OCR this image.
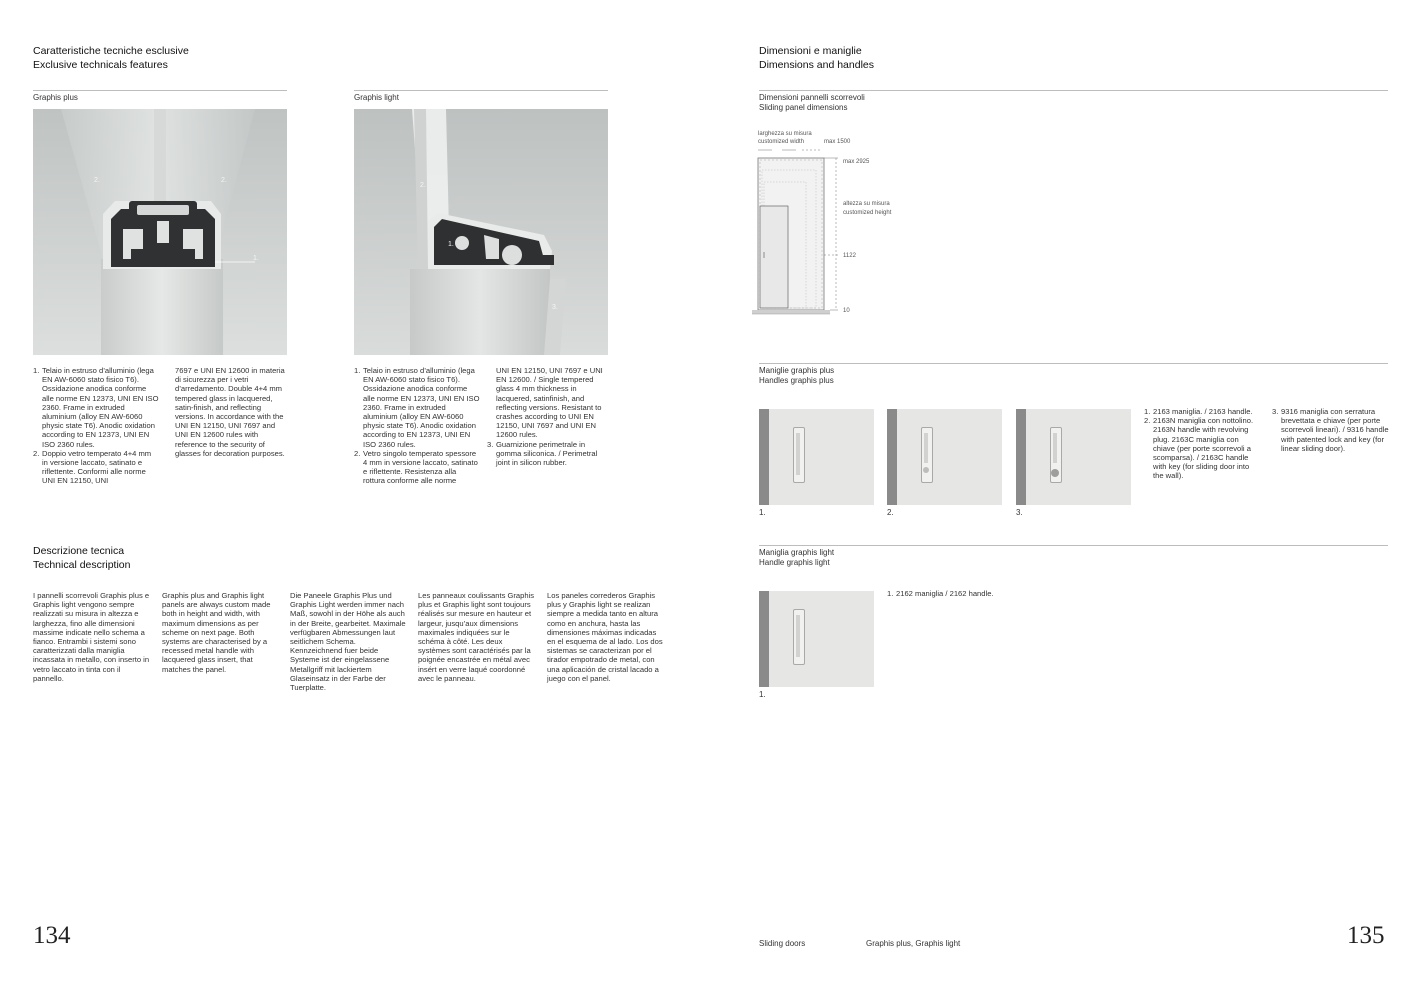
Caratteristiche tecniche esclusive
Exclusive technicals features
Graphis plus	Graphis light
2.	2.
1.
2.
1.
3.
1. Telaio in estruso d’alluminio (lega EN AW-6060 stato fisico T6). Ossidazione anodica conforme alle norme EN 12373, UNI EN ISO 2360. Frame in extruded aluminium (alloy EN AW-6060 physic state T6). Anodic oxidation according to EN 12373, UNI EN ISO 2360 rules.
2. Doppio vetro temperato 4+4 mm in versione laccato, satinato e riflettente. Conformi alle norme UNI EN 12150, UNI
7697 e UNI EN 12600 in materia di sicurezza per i vetri d’arredamento. Double 4+4 mm tempered glass in lacquered, satin-finish, and reflecting versions. In accordance with the UNI EN 12150, UNI 7697 and UNI EN 12600 rules with reference to the security of glasses for decoration purposes.
1. Telaio in estruso d’alluminio (lega EN AW-6060 stato fisico T6). Ossidazione anodica conforme alle norme EN 12373, UNI EN ISO 2360. Frame in extruded aluminium (alloy EN AW-6060 physic state T6). Anodic oxidation according to EN 12373, UNI EN ISO 2360 rules.
2. Vetro singolo temperato spessore 4 mm in versione laccato, satinato e riflettente. Resistenza alla rottura conforme alle norme
UNI EN 12150, UNI 7697 e UNI EN 12600. / Single tempered glass 4 mm thickness in lacquered, satinfinish, and reflecting versions. Resistant to crashes according to UNI EN 12150, UNI 7697 and UNI EN 12600 rules.
3. Guarnizione perimetrale in gomma siliconica. / Perimetral joint in silicon rubber.
Descrizione tecnica
Technical description
I pannelli scorrevoli Graphis plus e Graphis light vengono sempre realizzati su misura in altezza e larghezza, fino alle dimensioni massime indicate nello schema a fianco. Entrambi i sistemi sono caratterizzati dalla maniglia incassata in metallo, con inserto in vetro laccato in tinta con il pannello.
Graphis plus and Graphis light panels are always custom made both in height and width, with maximum dimensions as per scheme on next page. Both systems are characterised by a recessed metal handle with lacquered glass insert, that matches the panel.
Die Paneele Graphis Plus und Graphis Light werden immer nach Maß, sowohl in der Höhe als auch in der Breite, gearbeitet. Maximale verfügbaren Abmessungen laut seitlichem Schema. Kennzeichnend fuer beide Systeme ist der eingelassene Metallgriff mit lackiertem Glaseinsatz in der Farbe der Tuerplatte.
Les panneaux coulissants Graphis plus et Graphis light sont toujours réalisés sur mesure en hauteur et largeur, jusqu’aux dimensions maximales indiquées sur le schéma à côté. Les deux systèmes sont caractérisés par la poignée encastrée en métal avec insért en verre laqué coordonné avec le panneau.
Los paneles correderos Graphis plus y Graphis light se realizan siempre a medida tanto en altura como en anchura, hasta las dimensiones máximas indicadas en el esquema de al lado. Los dos sistemas se caracterizan por el tirador empotrado de metal, con una aplicación de cristal lacado a juego con el panel.
134
Dimensioni e maniglie
Dimensions and handles
Dimensioni pannelli scorrevoli
Sliding panel dimensions
larghezza su misura
customized width	max 1500
max 2925
altezza su misura
customized height
1122
10
Maniglie graphis plus
Handles graphis plus
1.	2.	3.
1. 2163 maniglia. / 2163 handle.
2. 2163N maniglia con nottolino. 2163N handle with revolving plug. 2163C maniglia con chiave (per porte scorrevoli a scomparsa). / 2163C handle with key (for sliding door into the wall).
3. 9316 maniglia con serratura brevettata e chiave (per porte scorrevoli lineari). / 9316 handle with patented lock and key (for linear sliding door).
Maniglia graphis light
Handle graphis light
1.
1. 2162 maniglia / 2162 handle.
Sliding doors	Graphis plus, Graphis light	135
